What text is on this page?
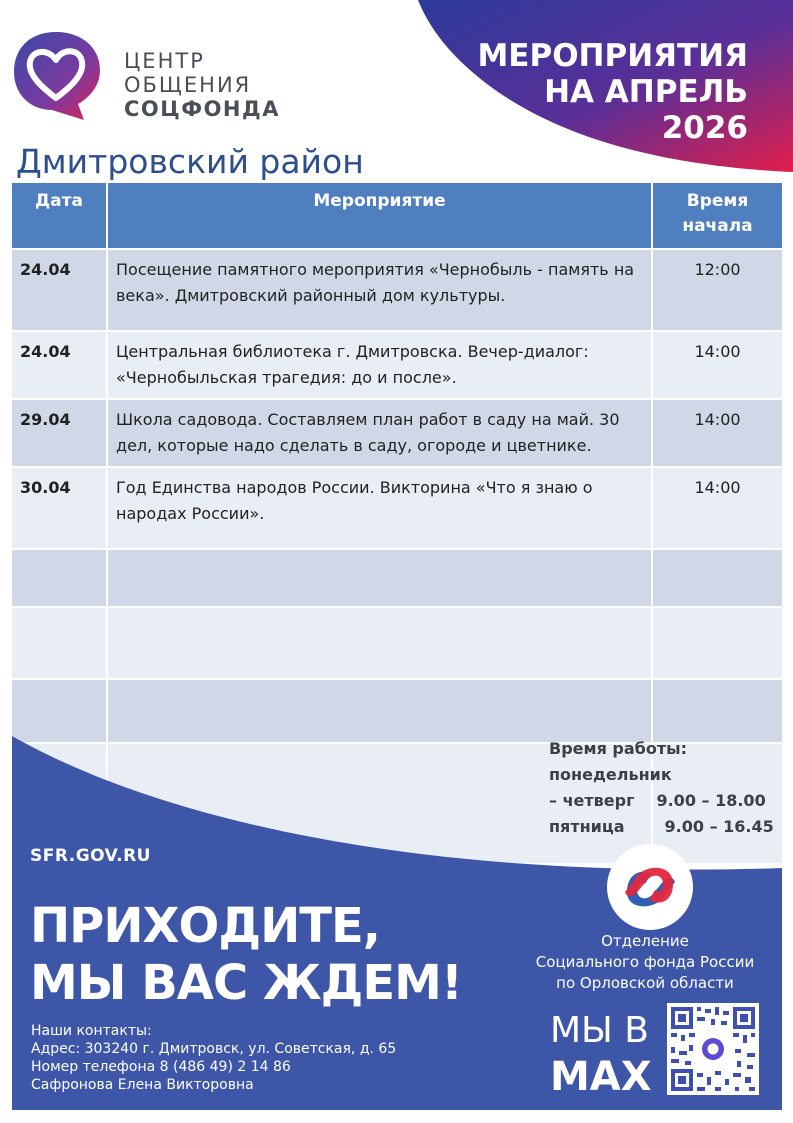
МЕРОПРИЯТИЯ
НА АПРЕЛЬ
2026
ЦЕНТР
ОБЩЕНИЯ
СОЦФОНДА
Дмитровский район
Дата	Мероприятие	Время
начала

24.04	Посещение памятного мероприятия «Чернобыль - память на века». Дмитровский районный дом культуры.	12:00
24.04	Центральная библиотека г. Дмитровска. Вечер-диалог: «Чернобыльская трагедия: до и после».	14:00
29.04	Школа садовода. Составляем план работ в саду на май. 30 дел, которые надо сделать в саду, огороде и цветнике.	14:00
30.04	Год Единства народов России. Викторина «Что я знаю о народах России».	14:00

Время работы:
понедельник
– четверг 9.00 – 18.00
пятница	9.00 – 16.45
SFR.GOV.RU
ПРИХОДИТЕ,
МЫ ВАС ЖДЕМ!
Наши контакты:
Адрес: 303240 г. Дмитровск, ул. Советская, д. 65
Номер телефона 8 (486 49) 2 14 86
Сафронова Елена Викторовна
Отделение
Социального фонда России
по Орловской области
МЫ В
MAX
